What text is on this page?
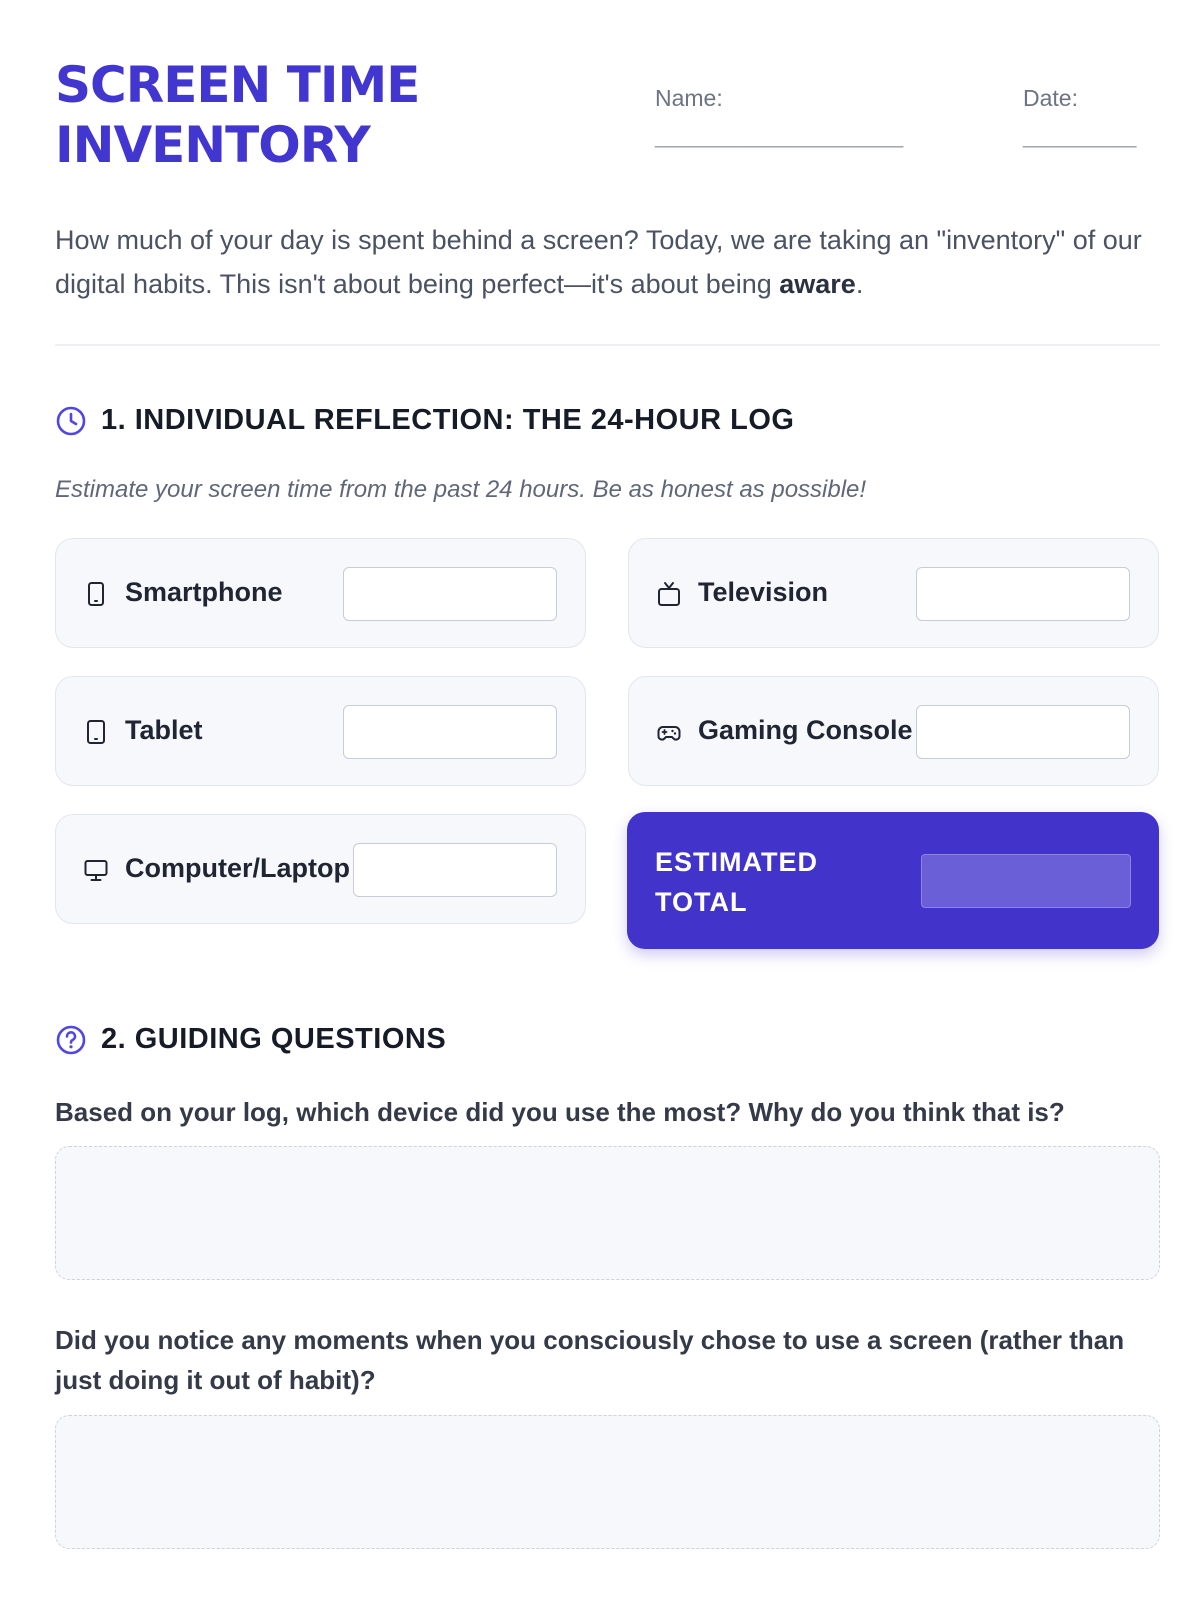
SCREEN TIME INVENTORY
Name:
______________________
Date:
__________

How much of your day is spent behind a screen? Today, we are taking an "inventory" of our digital habits. This isn't about being perfect—it's about being aware.

1. INDIVIDUAL REFLECTION: THE 24-HOUR LOG
Estimate your screen time from the past 24 hours. Be as honest as possible!
Smartphone	Television
Tablet	Gaming Console
Computer/Laptop	ESTIMATED TOTAL
2. GUIDING QUESTIONS
Based on your log, which device did you use the most? Why do you think that is?
Did you notice any moments when you consciously chose to use a screen (rather than just doing it out of habit)?
